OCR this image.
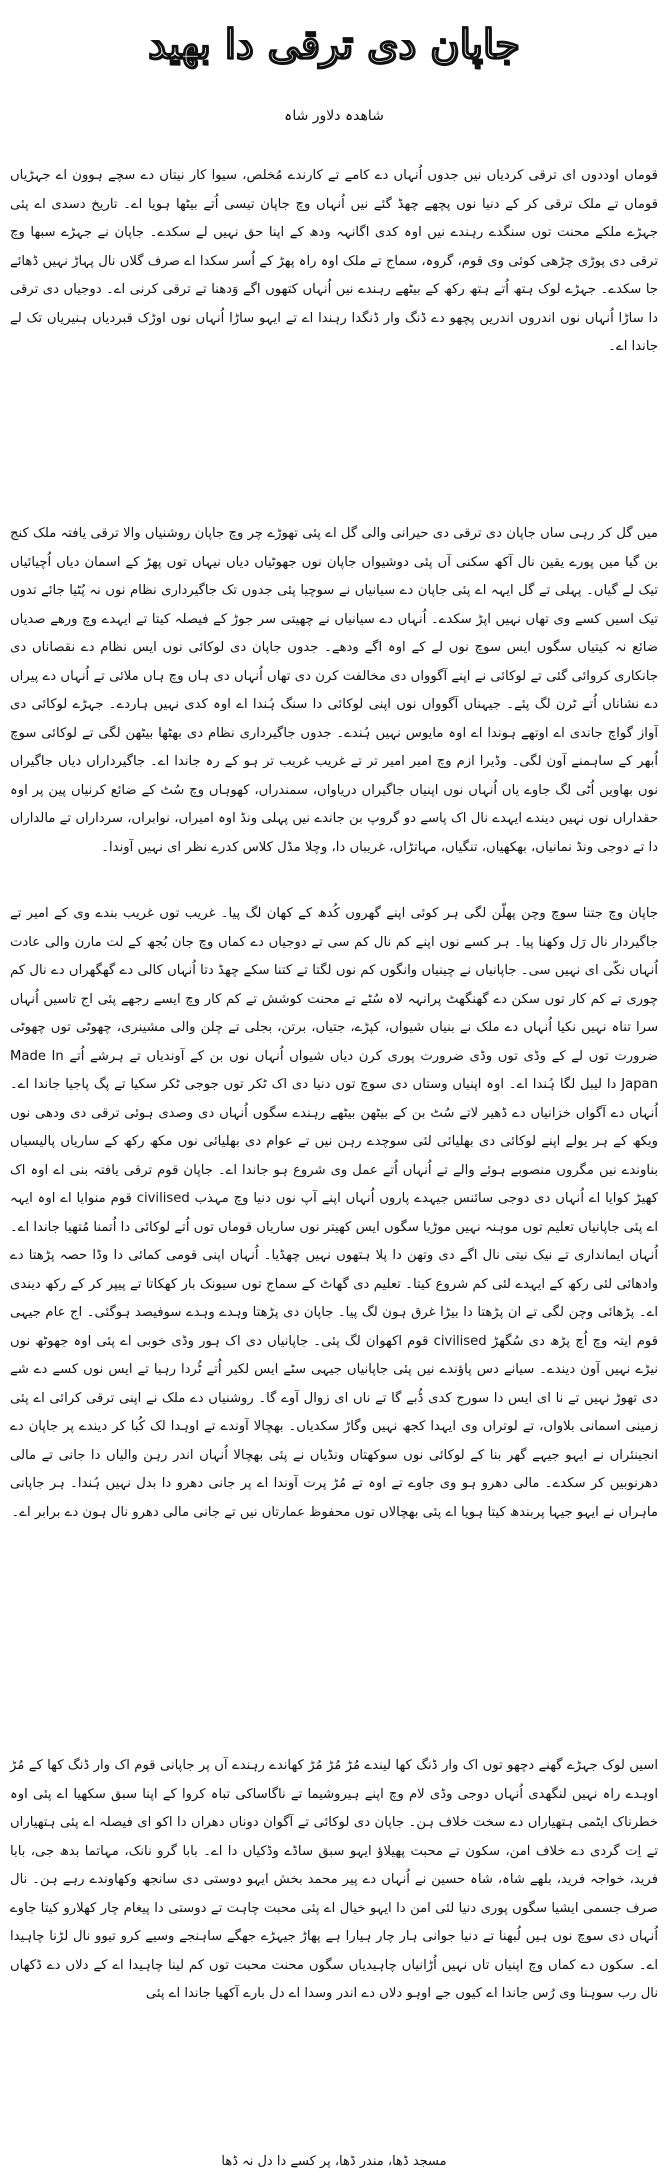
جاپان دی ترقی دا بھید
شاھدہ دلاور شاہ
قوماں اوددوں ای ترقی کردیاں نیں جدوں اُنہاں دے کامے تے کارندے مُخلص، سیوا کار نیتاں دے سچے ہوون اے جہڑیاں قوماں تے ملک ترقی کر کے دنیا نوں پچھے چھڈ گئے نیں اُنہاں وچ جاپان تیسی اُتے بیٹھا ہویا اے۔ تاریخ دسدی اے پئی جہڑے ملکے محنت توں سنگدے رہندے نیں اوہ کدی اگانہہ ودھ کے اپنا حق نہیں لے سکدے۔ جاپان نے جہڑے سبھا وچ ترقی دی پوڑی چڑھی کوئی وی قوم، گروہ، سماج تے ملک اوہ راہ پھڑ کے اُسر سکدا اے صرف گلاں نال پہاڑ نہیں ڈھائے جا سکدے۔ جہڑے لوک ہتھ اُتے ہتھ رکھ کے بیٹھے رہندے نیں اُنہاں کتھوں اگے وَدھنا تے ترقی کرنی اے۔ دوجیاں دی ترقی دا ساڑا اُنہاں نوں اندروں اندریں پچھو دے ڈنگ وار ڈنگدا رہندا اے تے ایہو ساڑا اُنہاں نوں اوڑک قبردیاں ہنیریاں تک لے جاندا اے۔
میں گل کر رہی ساں جاپان دی ترقی دی حیرانی والی گل اے پئی تھوڑے چر وچ جاپان روشنیاں والا ترقی یافتہ ملک کنج بن گیا میں پورے یقین نال آکھ سکنی آں پئی دوشیواں جاپان نوں جھوٹیاں دیاں نیہاں توں پھڑ کے اسمان دیاں اُچیائیاں تیک لے گیاں۔ پہلی تے گل ایہہ اے پئی جاپان دے سیانیاں نے سوچیا پئی جدوں تک جاگیرداری نظام نوں نہ پُٹیا جائے تدوں تیک اسیں کسے وی تھاں نہیں اپڑ سکدے۔ اُنہاں دے سیانیاں نے چھیتی سر جوڑ کے فیصلہ کیتا تے ایہدے وچ ورھے صدیاں ضائع نہ کیتیاں سگوں ایس سوچ نوں لے کے اوہ اگے ودھے۔ جدوں جاپان دی لوکائی نوں ایس نظام دے نقصاناں دی جانکاری کروائی گئی تے لوکائی نے اپنے آگوواں دی مخالفت کرن دی تھاں اُنہاں دی ہاں وچ ہاں ملائی تے اُنہاں دے پیراں دے نشاناں اُتے ٹرن لگ پئے۔ جیہناں آگوواں نوں اپنی لوکائی دا سنگ ہُندا اے اوہ کدی نہیں ہاردے۔ جہڑے لوکائی دی آواز گواچ جاندی اے اوتھے ہوندا اے اوہ مایوس نہیں ہُندے۔ جدوں جاگیرداری نظام دی بھٹھا بیٹھن لگی تے لوکائی سوچ اُبھر کے ساہمنے آون لگی۔ وڈیرا ازم وچ امیر امیر تر تے غریب غریب تر ہو کے رہ جاندا اے۔ جاگیرداراں دیاں جاگیراں نوں بھاویں اُٹی لگ جاوے یاں اُنہاں نوں اپنیاں جاگیراں دریاواں، سمندراں، کھوہاں وچ سُٹ کے ضائع کرنیاں پین پر اوہ حقداراں نوں نہیں دیندے ایہدے نال اک پاسے دو گروپ بن جاندے نیں پہلی ونڈ اوہ امیراں، نوابراں، سرداراں تے مالداراں دا تے دوجی ونڈ نمانیاں، بھکھیاں، تنگیاں، مہاتڑاں، غریباں دا، وچلا مڈل کلاس کدرے نظر ای نہیں آوندا۔
جاپان وچ جتنا سوچ وچن پھلّن لگی ہر کوئی اپنے گھروں کُدھ کے کھان لگ پیا۔ غریب توں غریب بندے وی کے امیر تے جاگیردار نال رَل وکھنا پیا۔ ہر کسے نوں اپنے کم نال کم سی تے دوجیاں دے کماں وچ جان بُجھ کے لت مارن والی عادت اُنہاں نکّی ای نہیں سی۔ جاپانیاں نے چینیاں وانگوں کم نوں لگتا تے کتنا سکے چھڈ دتا اُنہاں کالی دے گھگھراں دے نال کم چوری تے کم کار توں سکن دے گھنگھٹ پرانہہ لاہ سُٹے تے محنت کوشش تے کم کار وچ ایسے رجھے پئی اج تاسیں اُنہاں سرا تناہ نہیں نکیا اُنہاں دے ملک نے بنیاں شیواں، کپڑے، جتیاں، برتن، بجلی تے چلن والی مشینری، چھوٹی توں چھوٹی ضرورت توں لے کے وڈی توں وڈی ضرورت پوری کرن دیاں شیواں اُنہاں نوں بن کے آوندیاں تے ہرشے اُتے Made In Japan دا لیبل لگا ہُندا اے۔ اوہ اپنیاں وستاں دی سوچ توں دنیا دی اک ٹکر توں جوجی ٹکر سکیا تے پگ پاجیا جاندا اے۔ اُنہاں دے آگواں خزانیاں دے ڈھیر لاتے سُٹ بن کے بیٹھن بیٹھے رہندے سگوں اُنہاں دی وصدی ہوئی ترقی دی ودھی نوں ویکھ کے ہر یولے اپنے لوکائی دی بھلیائی لئی سوچدے رہن نیں تے عوام دی بھلیائی نوں مکھ رکھ کے ساریاں پالیسیاں بناوندے نیں مگروں منصوبے ہوئے والے تے اُنہاں اُتے عمل وی شروع ہو جاندا اے۔ جاپان قوم ترقی یافتہ بنی اے اوہ اک کھیڑ کوایا اے اُنہاں دی دوجی سائنس جیہدے پاروں اُنہاں اپنے آپ نوں دنیا وچ مہذب civilised قوم منوایا اے اوہ ایہہ اے پئی جاپانیاں تعلیم توں موہنہ نہیں موڑیا سگوں ایس کھیتر نوں ساریاں قوماں توں اُتے لوکائی دا اُتمنا مُتھیا جاندا اے۔ اُنہاں ایمانداری تے نیک نیتی نال اگے دی وتھن دا پلا ہتھوں نہیں چھڈیا۔ اُنہاں اپنی قومی کمائی دا وڈا حصہ پڑھتا دے وادھائی لئی رکھ کے ایہدے لئی کم شروع کیتا۔ تعلیم دی گھاٹ کے سماج توں سیونک بار کھکاتا تے پیپر کر کے رکھ دیندی اے۔ پڑھائی وچن لگی تے ان پڑھتا دا بیڑا غرق ہون لگ پیا۔ جاپان دی پڑھتا وہدے وہدے سوفیصد ہوگئی۔ اج عام جیہی قوم ایتہ وچ اُچ پڑھ دی سُگھڑ civilised قوم اکھوان لگ پئی۔ جاپانیاں دی اک ہور وڈی خوبی اے پئی اوہ جھوٹھ نوں نیڑے نہیں آون دیندے۔ سیانے دس پاؤندے نیں پئی جاپانیاں جیہی سٹے ایس لکیر اُتے ٹُردا رہیا تے ایس نوں کسے دے شے دی تھوڑ نہیں تے نا ای ایس دا سورج کدی ڈُبے گا تے ناں ای زوال آوے گا۔ روشنیاں دے ملک نے اپنی ترقی کرائی اے پئی زمینی اسمانی بلاواں، تے لوتراں وی ایہدا کجھ نہیں وگاڑ سکدیاں۔ بھچالا آوندے تے اوہدا لک کُبا کر دیندے پر جاپان دے انجینئراں نے ایہو جیہے گھر بنا کے لوکائی نوں سوکھتاں ونڈیاں نے پئی بھچالا اُنہاں اندر رہن والیاں دا جانی تے مالی دھرنوبیں کر سکدے۔ مالی دھرو ہو وی جاوے تے اوہ تے مُڑ پرت آوندا اے پر جانی دھرو دا بدل نہیں ہُندا۔ ہر جاپانی ماہراں نے ایہو جیہا پربندھ کیتا ہویا اے پئی بھچالاں توں محفوظ عمارتاں نیں تے جانی مالی دھرو نال ہون دے برابر اے۔
اسیں لوک جہڑے گھنے دچھو توں اک وار ڈنگ کھا لیندے مُڑ مُڑ مُڑ کھاندے رہندے آں پر جاپانی قوم اک وار ڈنگ کھا کے مُڑ اوہدے راہ نہیں لنگھدی اُنہاں دوجی وڈی لام وچ اپنے ہیروشیما تے ناگاساکی تباہ کروا کے اپنا سبق سکھیا اے پئی اوہ خطرناک ایٹمی ہتھیاراں دے سخت خلاف ہن۔ جاپان دی لوکائی تے آگوان دوناں دھراں دا اکو ای فیصلہ اے پئی ہتھیاراں تے اِت گردی دے خلاف امن، سکون تے محبت پھیلاؤ ایہو سبق ساڈے وڈکیاں دا اے۔ بابا گرو نانک، مہاتما بدھ جی، بابا فرید، خواجہ فرید، بلھے شاہ، شاہ حسین نے اُنہاں دے پیر محمد بخش ایہو دوستی دی سانجھ وکھاوندے رہے ہن۔ نال صرف جسمی ایشیا سگوں پوری دنیا لئی امن دا ایہو خیال اے پئی محبت چاہت تے دوستی دا پیغام چار کھلارو کیتا جاوے اُنہاں دی سوچ نوں ہیں لُبھنا تے دنیا جوانی ہار چار ہیارا ہے پھاڑ جیہڑے جھگے ساہنجے وسیے کرو تیوو نال لڑنا چاہیدا اے۔ سکوں دے کماں وچ اپنیاں تاں نہیں اُڑانیاں چاہیدیاں سگوں محنت محبت توں کم لینا چاہیدا اے کے دلاں دے ڈکھاں نال رب سوہنا وی رُس جاندا اے کیوں جے اوہو دلاں دے اندر وسدا اے دل بارے آکھیا جاندا اے پئی
مسجد ڈھا، مندر ڈھا، پر کسے دا دل نہ ڈھا
